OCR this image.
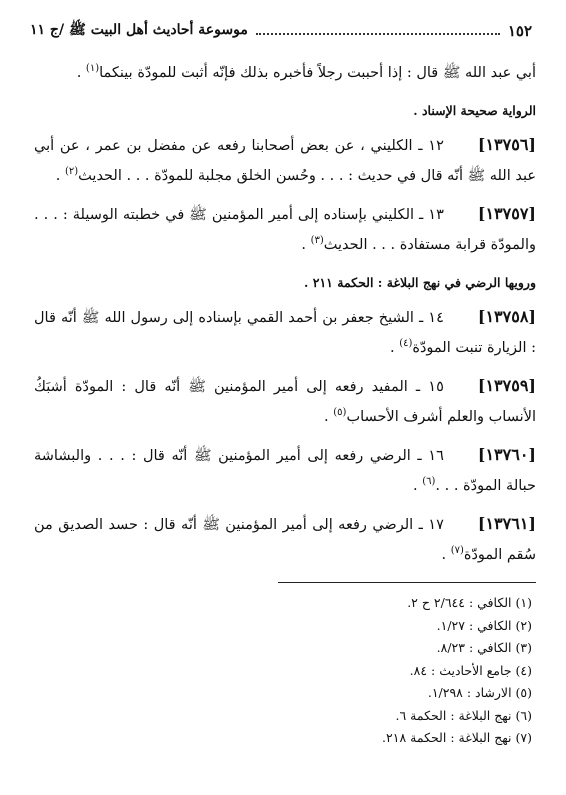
١٥٢
موسوعة أحاديث أهل البيت ﷺ /ج ١١

أبي عبد الله ﷺ قال : إذا أحببت رجلاً فأخبره بذلك فإنّه أثبت للمودّة بينكما$^{(١)}$ .

الرواية صحيحة الإسناد .

[١٣٧٥٦]١٢ ـ الكليني ، عن بعض أصحابنا رفعه عن مفضل بن عمر ، عن أبي عبد الله ﷺ أنّه قال في حديث : . . . وحُسن الخلق مجلبة للمودّة . . . الحديث$^{(٢)}$ .

[١٣٧٥٧]١٣ ـ الكليني بإسناده إلى أمير المؤمنين ﷺ في خطبته الوسيلة : . . . والمودّة قرابة مستفادة . . . الحديث$^{(٣)}$ .

ورويها الرضي في نهج البلاغة : الحكمة ٢١١ .

[١٣٧٥٨]١٤ ـ الشيخ جعفر بن أحمد القمي بإسناده إلى رسول الله ﷺ أنّه قال : الزيارة تنبت المودّة$^{(٤)}$ .

[١٣٧٥٩]١٥ ـ المفيد رفعه إلى أمير المؤمنين ﷺ أنّه قال : المودّة أشبَكُ الأنساب والعلم أشرف الأحساب$^{(٥)}$ .

[١٣٧٦٠]١٦ ـ الرضي رفعه إلى أمير المؤمنين ﷺ أنّه قال : . . . والبشاشة حبالة المودّة . . .$^{(٦)}$ .

[١٣٧٦١]١٧ ـ الرضي رفعه إلى أمير المؤمنين ﷺ أنّه قال : حسد الصديق من سُقم المودّة$^{(٧)}$ .

(١) الكافي : ٢/٦٤٤ ح ٢.
(٢) الكافي : ١/٢٧.
(٣) الكافي : ٨/٢٣.
(٤) جامع الأحاديث : ٨٤.
(٥) الارشاد : ١/٢٩٨.
(٦) نهج البلاغة : الحكمة ٦.
(٧) نهج البلاغة : الحكمة ٢١٨.
